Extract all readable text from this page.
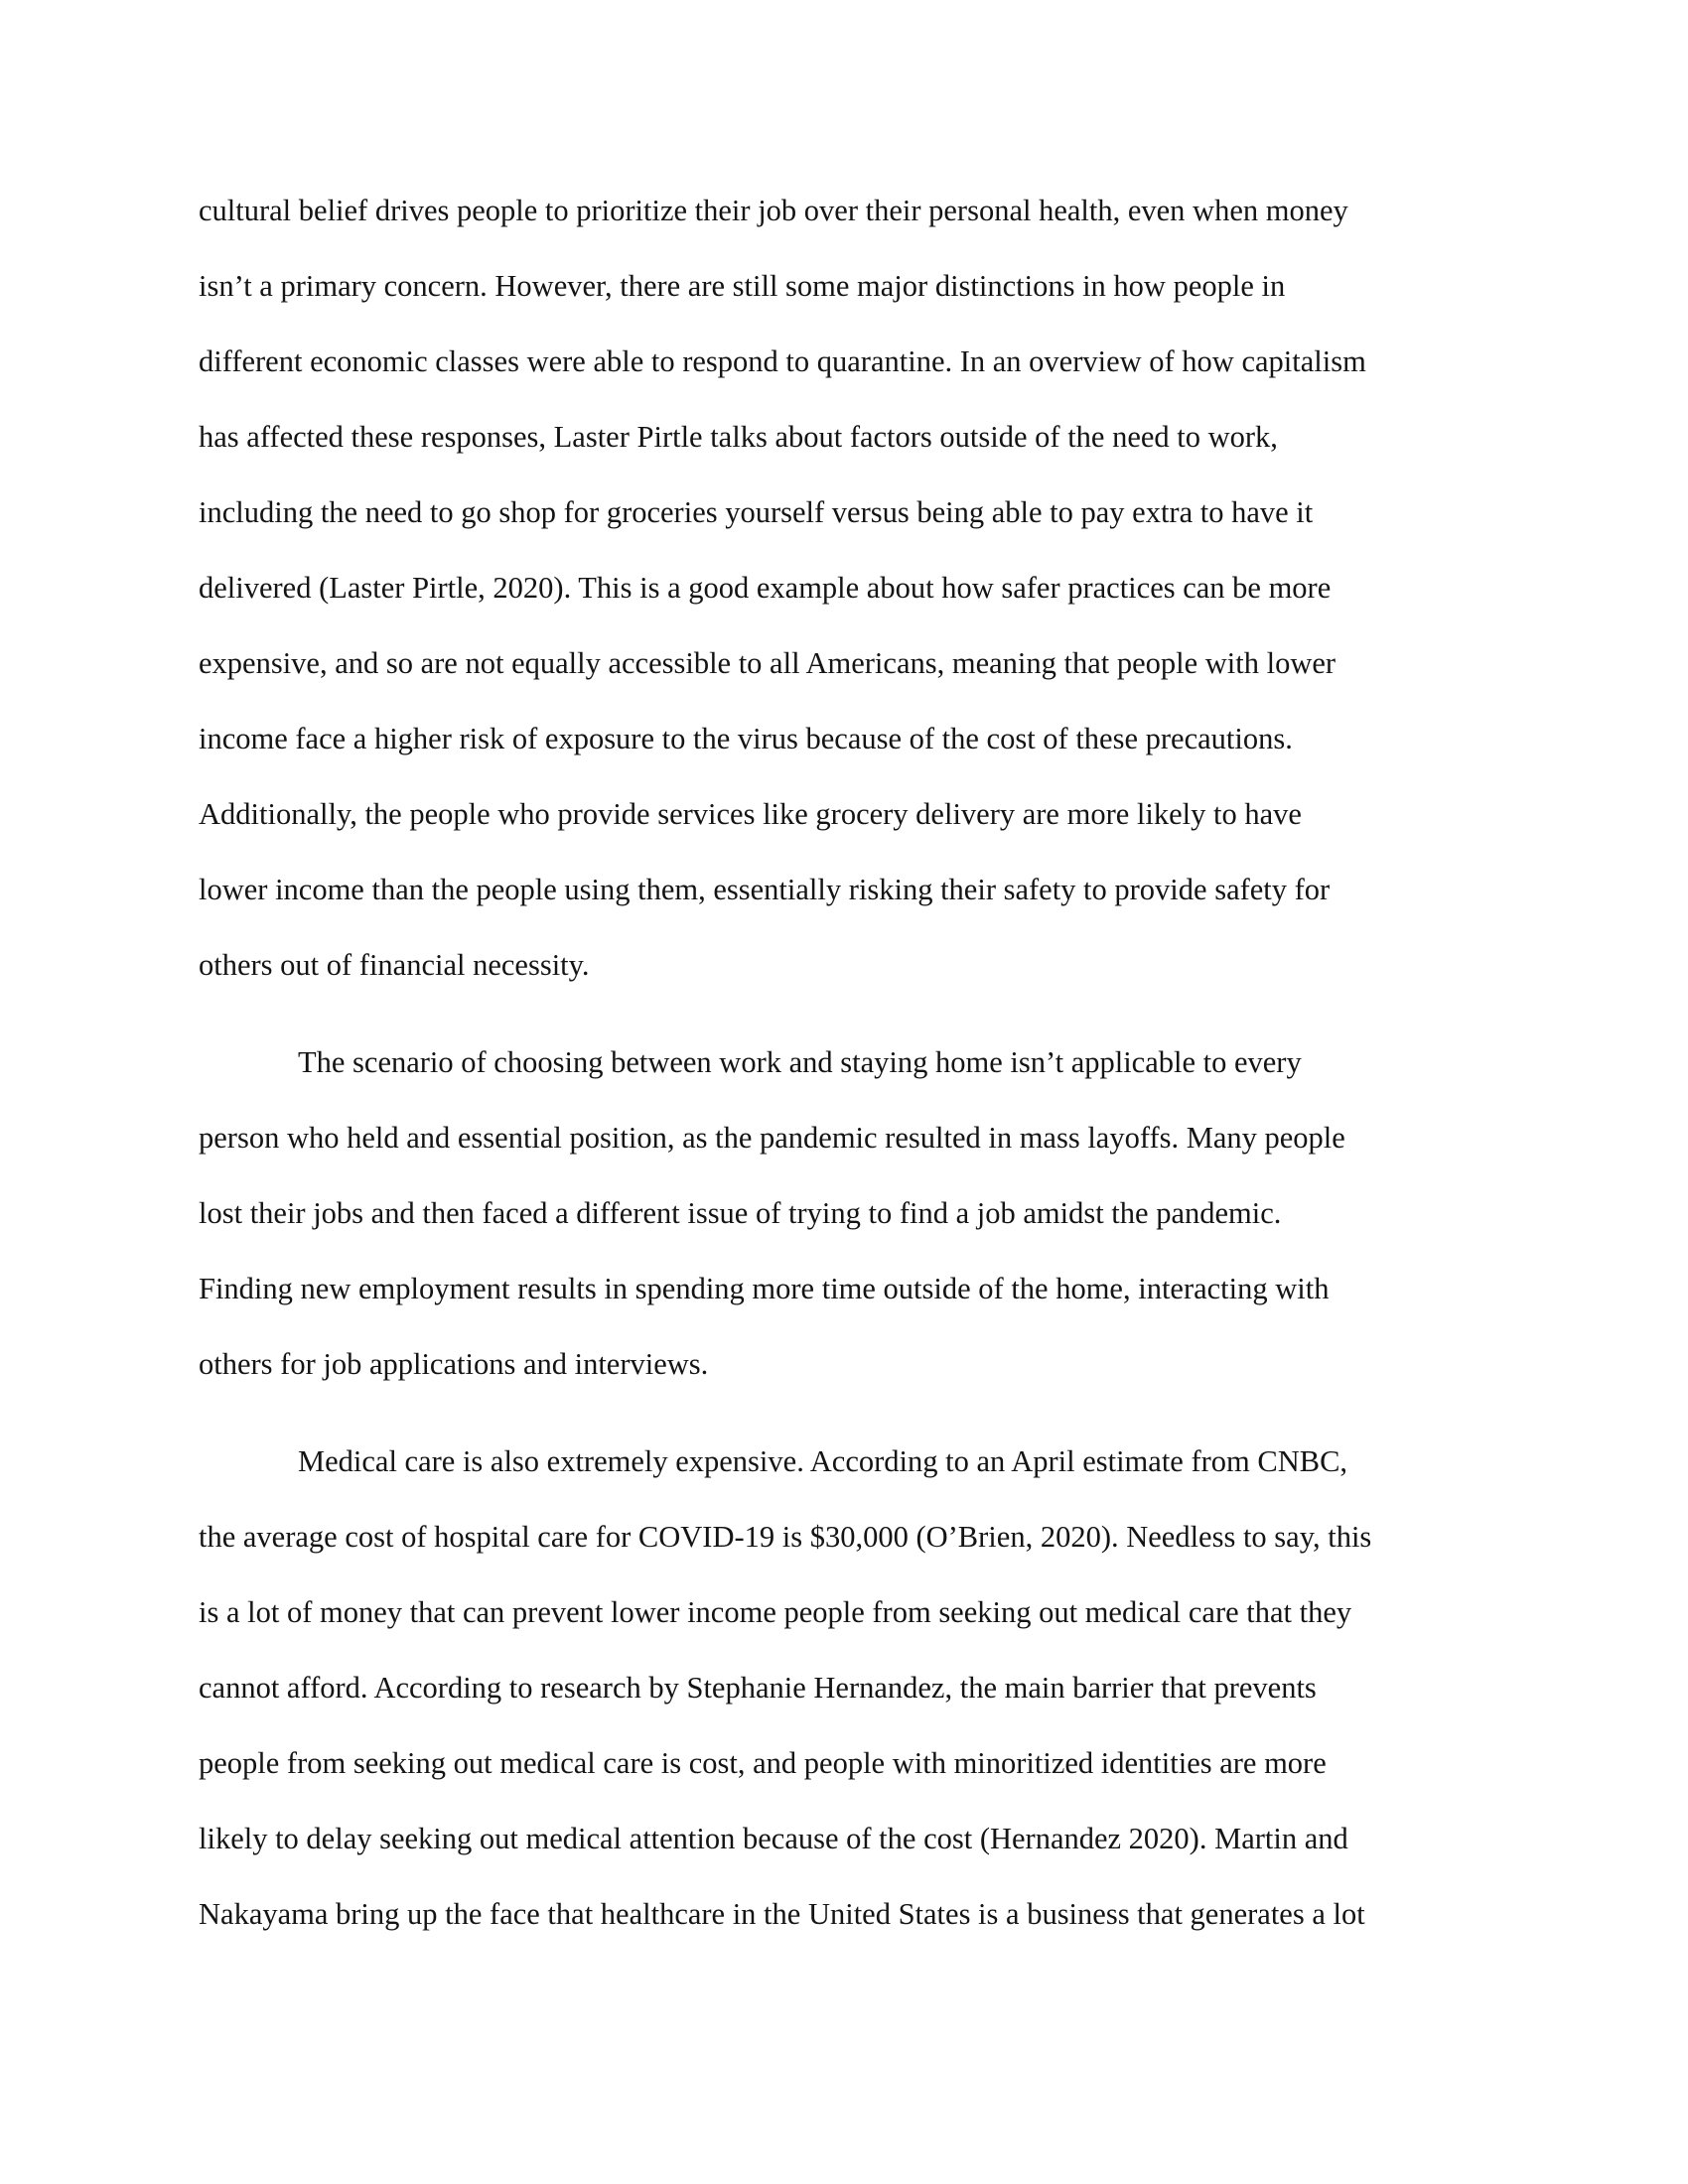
cultural belief drives people to prioritize their job over their personal health, even when money
isn’t a primary concern. However, there are still some major distinctions in how people in
different economic classes were able to respond to quarantine. In an overview of how capitalism
has affected these responses, Laster Pirtle talks about factors outside of the need to work,
including the need to go shop for groceries yourself versus being able to pay extra to have it
delivered (Laster Pirtle, 2020). This is a good example about how safer practices can be more
expensive, and so are not equally accessible to all Americans, meaning that people with lower
income face a higher risk of exposure to the virus because of the cost of these precautions.
Additionally, the people who provide services like grocery delivery are more likely to have
lower income than the people using them, essentially risking their safety to provide safety for
others out of financial necessity.
The scenario of choosing between work and staying home isn’t applicable to every
person who held and essential position, as the pandemic resulted in mass layoffs. Many people
lost their jobs and then faced a different issue of trying to find a job amidst the pandemic.
Finding new employment results in spending more time outside of the home, interacting with
others for job applications and interviews.
Medical care is also extremely expensive. According to an April estimate from CNBC,
the average cost of hospital care for COVID-19 is $30,000 (O’Brien, 2020). Needless to say, this
is a lot of money that can prevent lower income people from seeking out medical care that they
cannot afford. According to research by Stephanie Hernandez, the main barrier that prevents
people from seeking out medical care is cost, and people with minoritized identities are more
likely to delay seeking out medical attention because of the cost (Hernandez 2020). Martin and
Nakayama bring up the face that healthcare in the United States is a business that generates a lot
